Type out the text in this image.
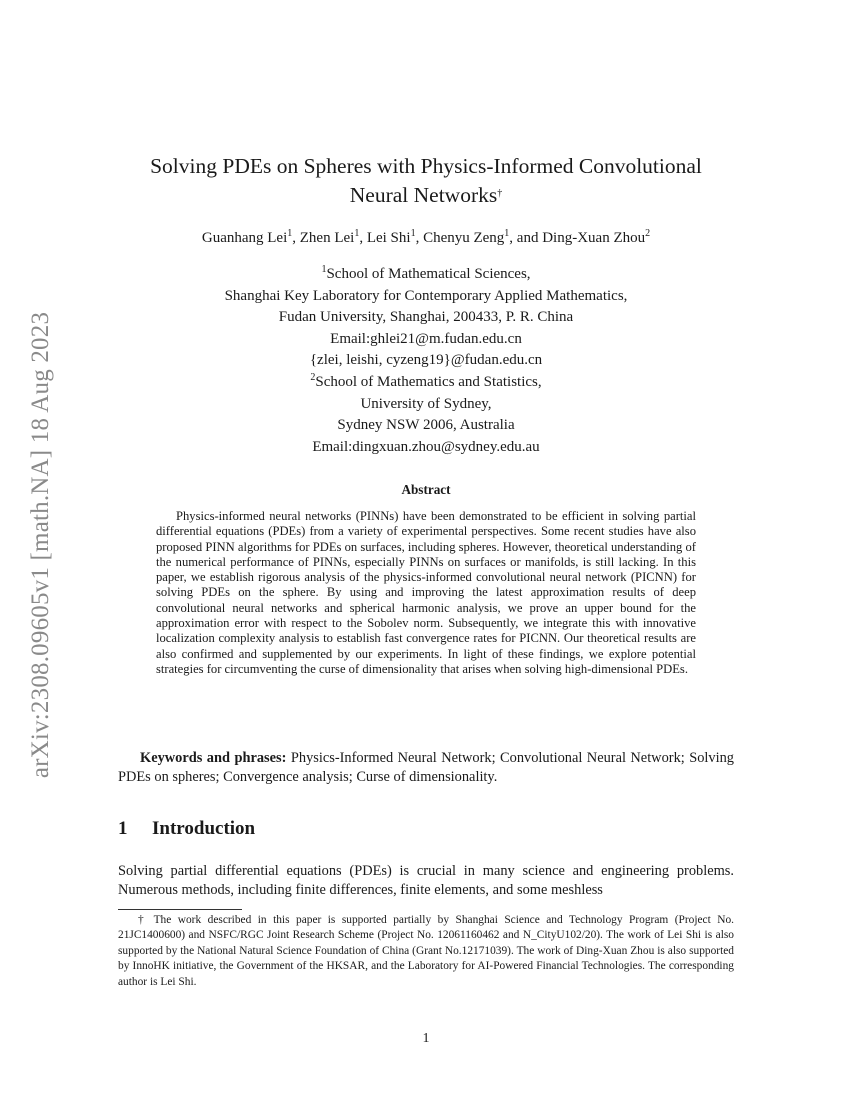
arXiv:2308.09605v1 [math.NA] 18 Aug 2023
Solving PDEs on Spheres with Physics-Informed Convolutional
Neural Networks†
Guanhang Lei$^1$, Zhen Lei$^1$, Lei Shi$^1$, Chenyu Zeng$^1$, and Ding-Xuan Zhou$^2$
$^1$School of Mathematical Sciences,
Shanghai Key Laboratory for Contemporary Applied Mathematics,
Fudan University, Shanghai, 200433, P. R. China
Email:ghlei21@m.fudan.edu.cn
{zlei, leishi, cyzeng19}@fudan.edu.cn
$^2$School of Mathematics and Statistics,
University of Sydney,
Sydney NSW 2006, Australia
Email:dingxuan.zhou@sydney.edu.au
Abstract
Physics-informed neural networks (PINNs) have been demonstrated to be efficient in solving partial differential equations (PDEs) from a variety of experimental perspectives. Some recent studies have also proposed PINN algorithms for PDEs on surfaces, including spheres. However, theoretical understanding of the numerical performance of PINNs, especially PINNs on surfaces or manifolds, is still lacking. In this paper, we establish rigorous analysis of the physics-informed convolutional neural network (PICNN) for solving PDEs on the sphere. By using and improving the latest approximation results of deep convolutional neural networks and spherical harmonic analysis, we prove an upper bound for the approximation error with respect to the Sobolev norm. Subsequently, we integrate this with innovative localization complexity analysis to establish fast convergence rates for PICNN. Our theoretical results are also confirmed and supplemented by our experiments. In light of these findings, we explore potential strategies for circumventing the curse of dimensionality that arises when solving high-dimensional PDEs.
Keywords and phrases: Physics-Informed Neural Network; Convolutional Neural Network; Solving PDEs on spheres; Convergence analysis; Curse of dimensionality.
1 Introduction
Solving partial differential equations (PDEs) is crucial in many science and engineering problems. Numerous methods, including finite differences, finite elements, and some meshless
† The work described in this paper is supported partially by Shanghai Science and Technology Program (Project No. 21JC1400600) and NSFC/RGC Joint Research Scheme (Project No. 12061160462 and N_CityU102/20). The work of Lei Shi is also supported by the National Natural Science Foundation of China (Grant No.12171039). The work of Ding-Xuan Zhou is also supported by InnoHK initiative, the Government of the HKSAR, and the Laboratory for AI-Powered Financial Technologies. The corresponding author is Lei Shi.
1
